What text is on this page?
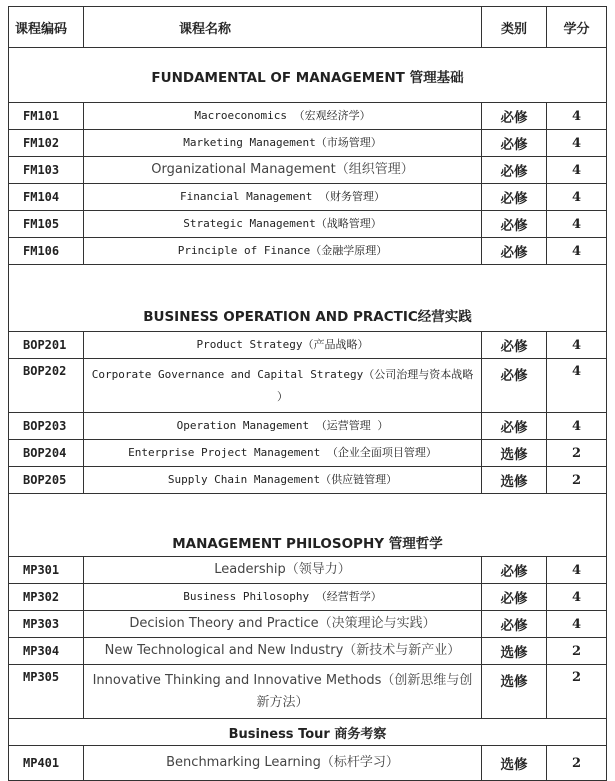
课程编码	课程名称	类别	学分
FUNDAMENTAL OF MANAGEMENT 管理基础			
FM101	Macroeconomics （宏观经济学）	必修	4
FM102	Marketing Management（市场管理）	必修	4
FM103	Organizational Management（组织管理）	必修	4
FM104	Financial Management （财务管理）	必修	4
FM105	Strategic Management（战略管理）	必修	4
FM106	Principle of Finance（金融学原理）	必修	4
BUSINESS OPERATION AND PRACTIC经营实践			
BOP201	Product Strategy（产品战略）	必修	4
BOP202	Corporate Governance and Capital Strategy（公司治理与资本战略 ）	必修	4
BOP203	Operation Management （运营管理 ）	必修	4
BOP204	Enterprise Project Management （企业全面项目管理）	选修	2
BOP205	Supply Chain Management（供应链管理）	选修	2
MANAGEMENT PHILOSOPHY 管理哲学			
MP301	Leadership（领导力）	必修	4
MP302	Business Philosophy （经营哲学）	必修	4
MP303	Decision Theory and Practice（决策理论与实践）	必修	4
MP304	New Technological and New Industry（新技术与新产业）	选修	2
MP305	Innovative Thinking and Innovative Methods（创新思维与创新方法）	选修	2
Business Tour 商务考察			
MP401	Benchmarking Learning（标杆学习）	选修	2
